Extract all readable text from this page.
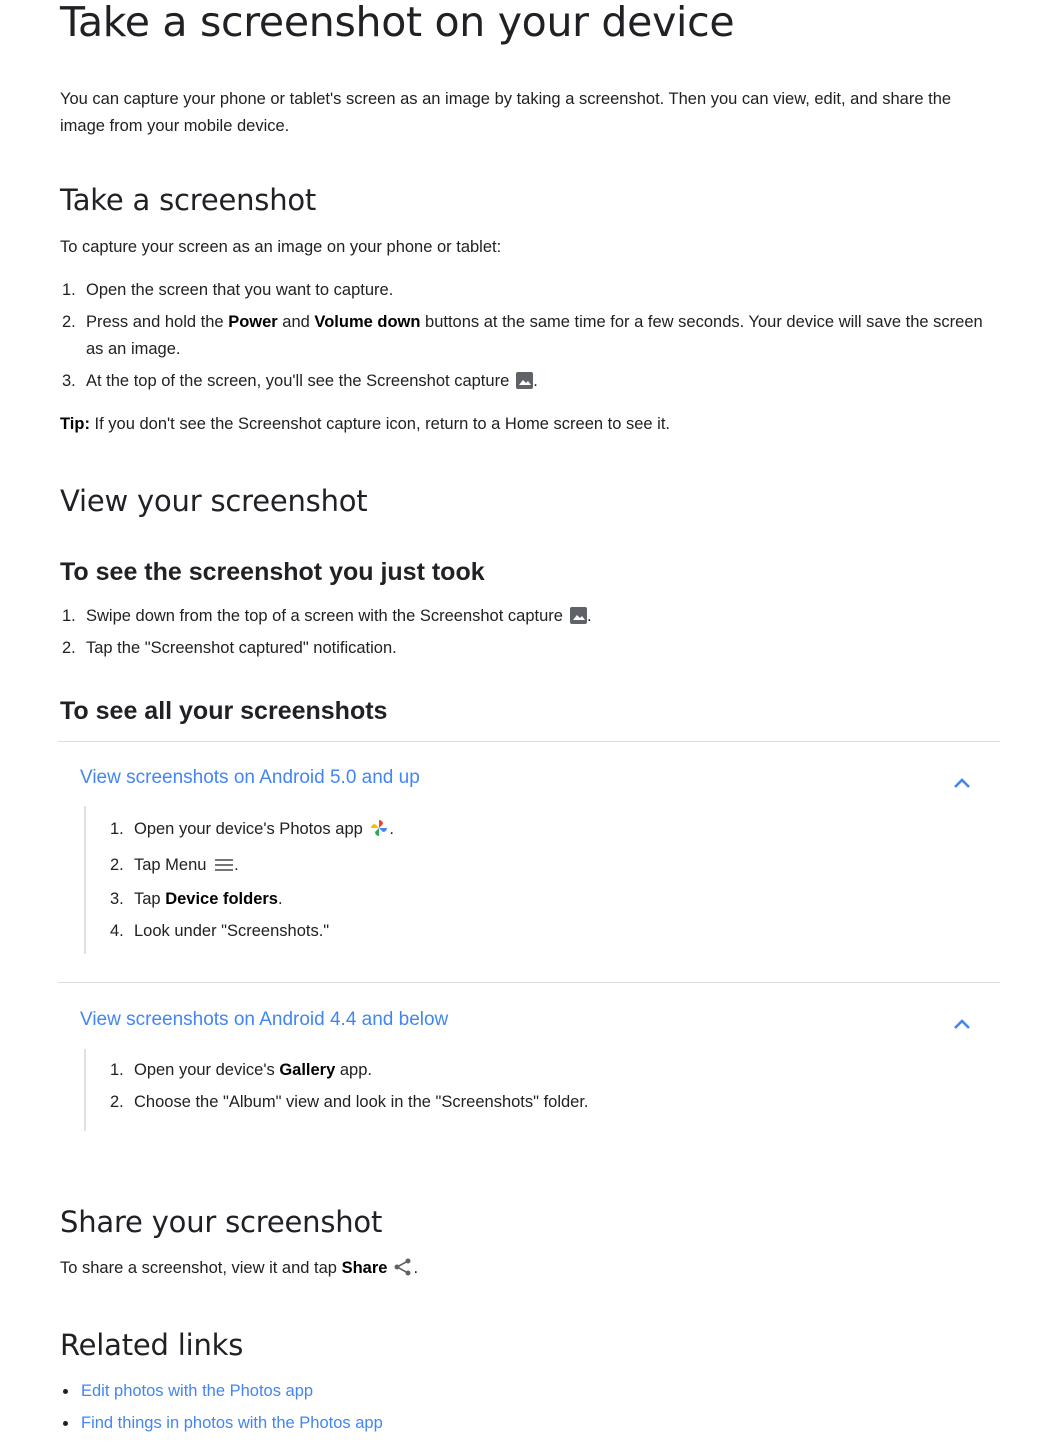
Take a screenshot on your device

You can capture your phone or tablet's screen as an image by taking a screenshot. Then you can view, edit, and share the image from your mobile device.

Take a screenshot

To capture your screen as an image on your phone or tablet:

1. Open the screen that you want to capture.
2. Press and hold the Power and Volume down buttons at the same time for a few seconds. Your device will save the screen as an image.
3. At the top of the screen, you'll see the Screenshot capture .

Tip: If you don't see the Screenshot capture icon, return to a Home screen to see it.

View your screenshot
To see the screenshot you just took
1. Swipe down from the top of a screen with the Screenshot capture .
2. Tap the "Screenshot captured" notification.
To see all your screenshots
View screenshots on Android 5.0 and up
1. Open your device's Photos app .
2. Tap Menu .
3. Tap Device folders.
4. Look under "Screenshots."
View screenshots on Android 4.4 and below
1. Open your device's Gallery app.
2. Choose the "Album" view and look in the "Screenshots" folder.
Share your screenshot

To share a screenshot, view it and tap Share .

Related links
Edit photos with the Photos app
Find things in photos with the Photos app
